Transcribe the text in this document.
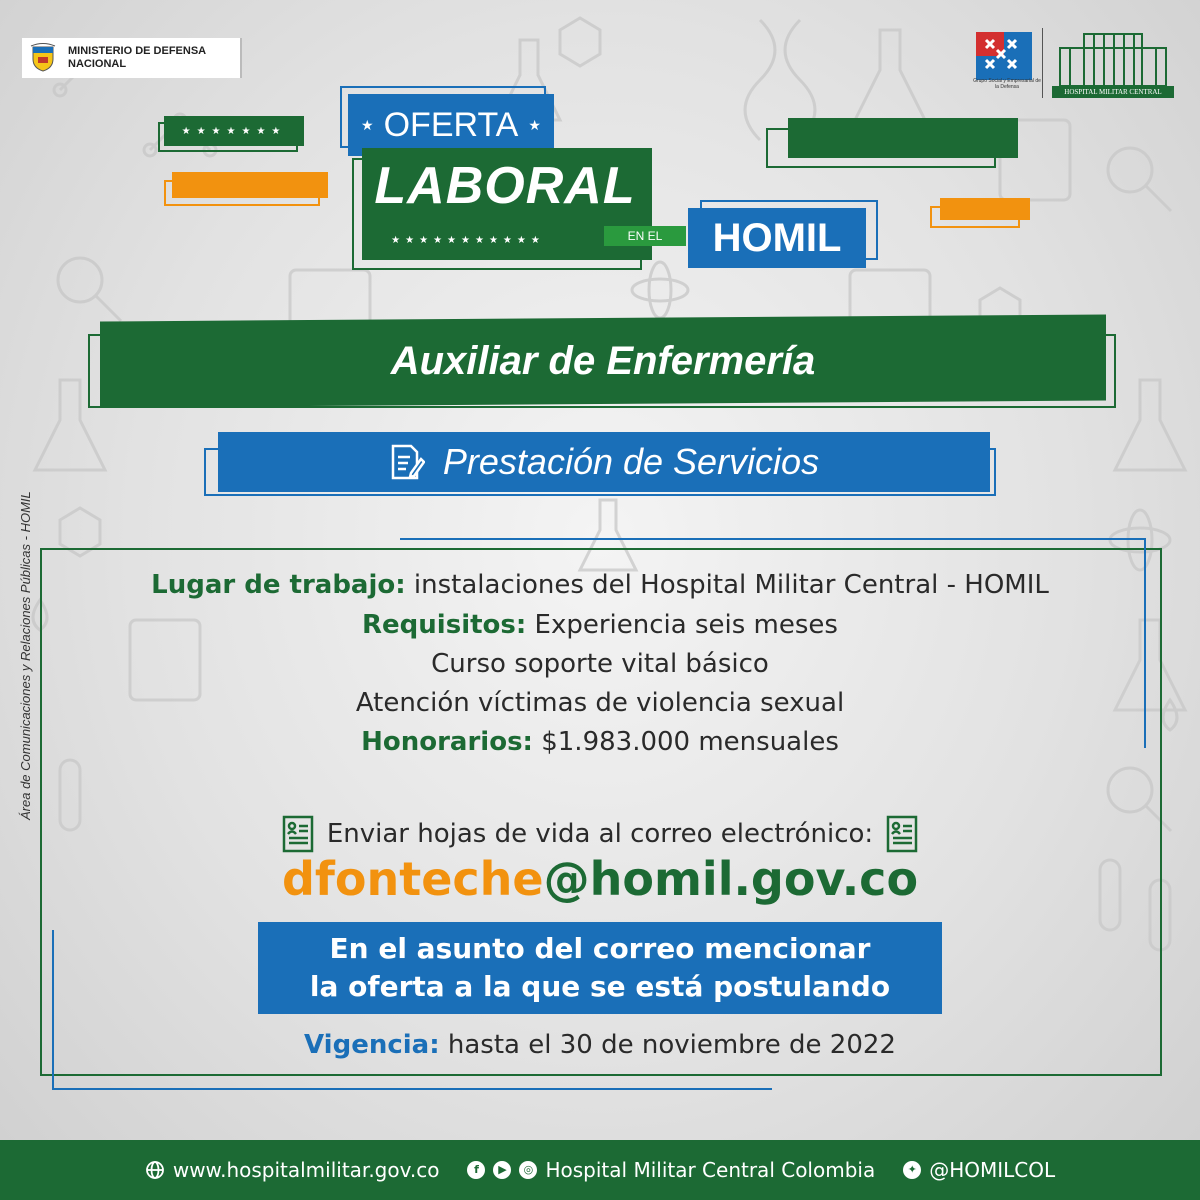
MINISTERIO DE DEFENSA
NACIONAL
Grupo Social y Empresarial de la Defensa
HOSPITAL MILITAR CENTRAL
★ ★ ★ ★ ★ ★ ★	★ OFERTA ★
LABORAL
★ ★ ★ ★ ★ ★ ★ ★ ★ ★ ★	EN EL	HOMIL
Auxiliar de Enfermería
Prestación de Servicios
Lugar de trabajo: instalaciones del Hospital Militar Central - HOMIL
Requisitos: Experiencia seis meses
Curso soporte vital básico
Atención víctimas de violencia sexual
Honorarios: $1.983.000 mensuales
Enviar hojas de vida al correo electrónico:
dfonteche@homil.gov.co
En el asunto del correo mencionar
la oferta a la que se está postulando
Vigencia: hasta el 30 de noviembre de 2022
Área de Comunicaciones y Relaciones Públicas - HOMIL
www.hospitalmilitar.gov.co	f	▶	◎ Hospital Militar Central Colombia	✦ @HOMILCOL
